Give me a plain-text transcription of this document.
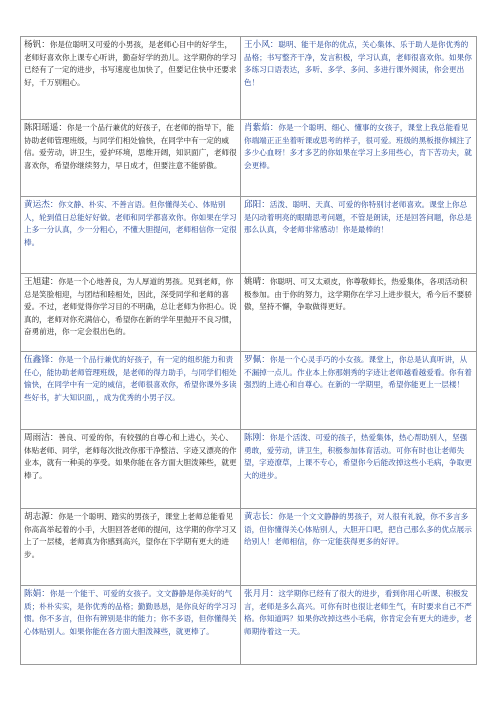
杨钒：你是位聪明又可爱的小男孩，是老师心目中的好学生，老师好喜欢你上课专心听讲，勤奋好学的劲儿。这学期你的学习已经有了一定的进步，书写速度也加快了，但要记住快中还要求好，千万别粗心。	王小风：聪明、能干是你的优点，关心集体、乐于助人是你优秀的品格；书写整齐干净，发言积极，学习认真，老师很喜欢你。如果你多练习口语表达，多听、多学、多问、多进行课外阅读，你会更出色！
陈阳瑶遥：你是一个品行兼优的好孩子，在老师的指导下，能协助老师管理班级，与同学们相处愉快，在同学中有一定的威信。爱劳动，讲卫生，爱护环境，思维开阔，知识面广，老师很喜欢你，希望你继续努力，早日成才，但要注意不能骄傲。	肖紫焰：你是一个聪明、细心、懂事的女孩子，课堂上我总能看见你端端正正坐着听课或思考的样子，很可爱。班级的黑板报你倾注了多少心血呀！多才多艺的你如果在学习上多用些心，肯下苦功夫，就会更棒。
黄运杰：你文静、朴实、不善言语。但你懂得关心、体贴别人，轮到值日总能好好做。老师和同学都喜欢你。你如果在学习上多一分认真，少一分粗心，不懂大胆提问，老师相信你一定很棒。	邱阳：活泼、聪明、天真、可爱的你特别讨老师喜欢。课堂上你总是闪动着明亮的眼睛思考问题，不管是朗读，还是回答问题，你总是那么认真，令老师非常感动！你是最棒的！
王旭建：你是一个心地善良，为人厚道的男孩。见到老师，你总是笑脸相迎，与团结和睦相处，因此，深受同学和老师的喜爱。不过，老师觉得你学习目的不明确，总让老师为你担心。说真的，老师对你充满信心，希望你在新的学年里抛开不良习惯，奋勇前进，你一定会很出色的。	姚晴：你聪明、可又太顽皮，你尊敬师长，热爱集体，各项活动积极参加。由于你的努力，这学期你在学习上进步很大，希今后不要骄傲，坚持不懈，争取做得更好。
伍鑫锋：你是一个品行兼优的好孩子，有一定的组织能力和责任心，能协助老师管理班级，是老师的得力助手，与同学们相处愉快，在同学中有一定的威信，老师很喜欢你，希望你课外多读些好书，扩大知识面，，成为优秀的小男子汉。	罗佩：你是一个心灵手巧的小女孩。课堂上，你总是认真听讲，从不漏掉一点儿。作业本上你那娟秀的字迹让老师越看越爱看。你有着强烈的上进心和自尊心。在新的一学期里，希望你能更上一层楼！
周雨洁：善良、可爱的你，有较强的自尊心和上进心，关心、体贴老师、同学，老师每次批改你那干净整洁、字迹又漂亮的作业本，就有一种美的享受。如果你能在各方面大胆泼辣些，就更棒了。	陈刚：你是个活泼、可爱的孩子，热爱集体，热心帮助别人，坚强勇敢，爱劳动，讲卫生，积极参加体育活动。可你有时也让老师失望，字迹潦草，上课不专心，希望你今后能改掉这些小毛病，争取更大的进步。
胡志源：你是一个聪明、踏实的男孩子，课堂上老师总能看见你高高举起着的小手，大胆回答老师的提问，这学期的你学习又上了一层楼，老师真为你感到高兴，望你在下学期有更大的进步。	黄志长：你是一个文文静静的男孩子，对人很有礼貌，你不多言多语，但你懂得关心体贴别人，大胆开口吧，把自己那么多的优点展示给别人！老师相信，你一定能获得更多的好评。
陈娟：你是一个能干、可爱的女孩子。文文静静是你美好的气质；朴朴实实，是你优秀的品格；勤勤恳恳，是你良好的学习习惯。你不多言，但你有辨别是非的能力；你不多语，但你懂得关心体贴别人。如果你能在各方面大胆泼辣些，就更棒了。	张月月：这学期你已经有了很大的进步，看到你用心听课、积极发言，老师是多么高兴。可你有时也很让老师生气，有时要求自己不严格。你知道吗？如果你改掉这些小毛病，你肯定会有更大的进步，老师期待着这一天。
